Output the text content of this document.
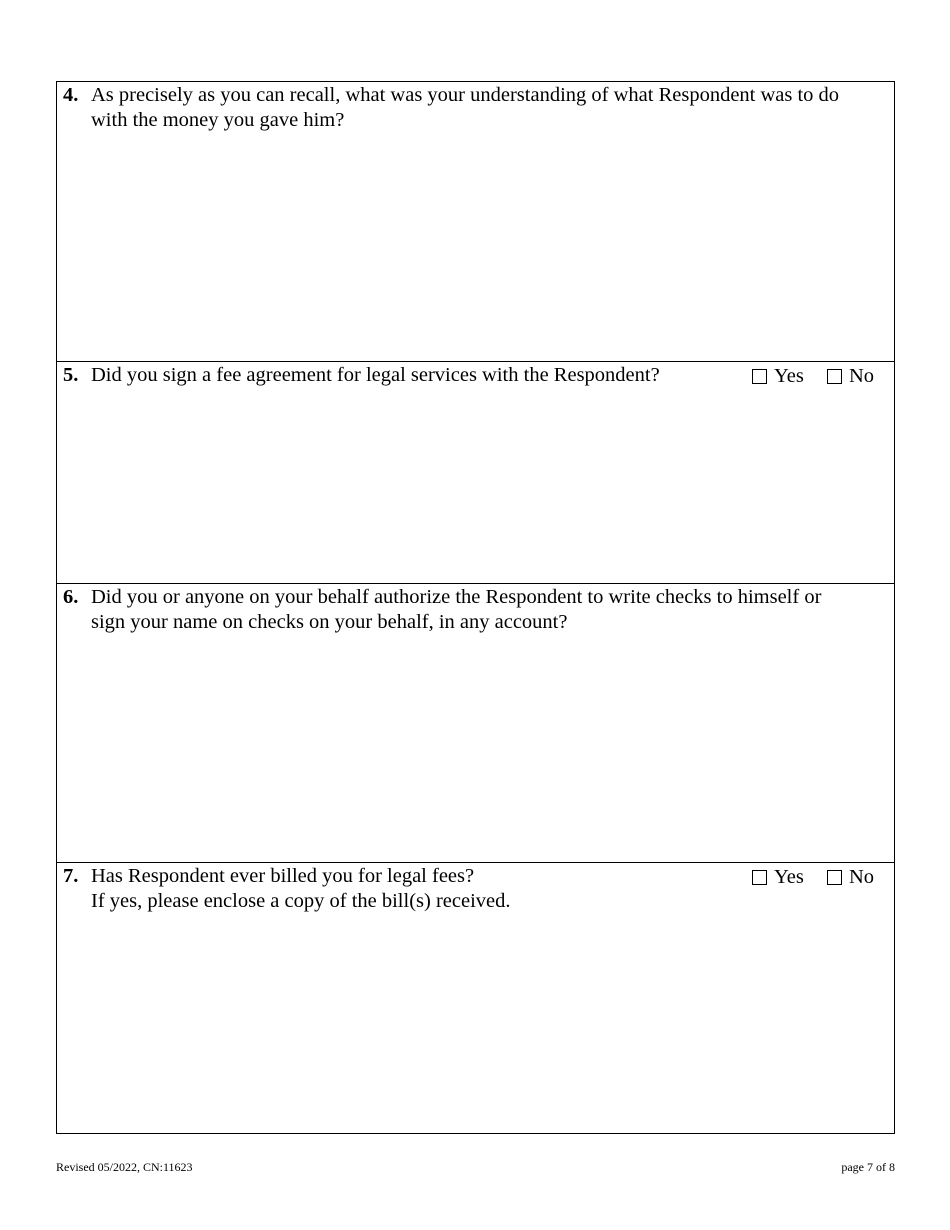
4. As precisely as you can recall, what was your understanding of what Respondent was to do
with the money you gave him?
5. Did you sign a fee agreement for legal services with the Respondent?	Yes
No
6. Did you or anyone on your behalf authorize the Respondent to write checks to himself or
sign your name on checks on your behalf, in any account?
7. Has Respondent ever billed you for legal fees?
If yes, please enclose a copy of the bill(s) received.
Yes
No
Revised 05/2022, CN:11623	page 7 of 8
